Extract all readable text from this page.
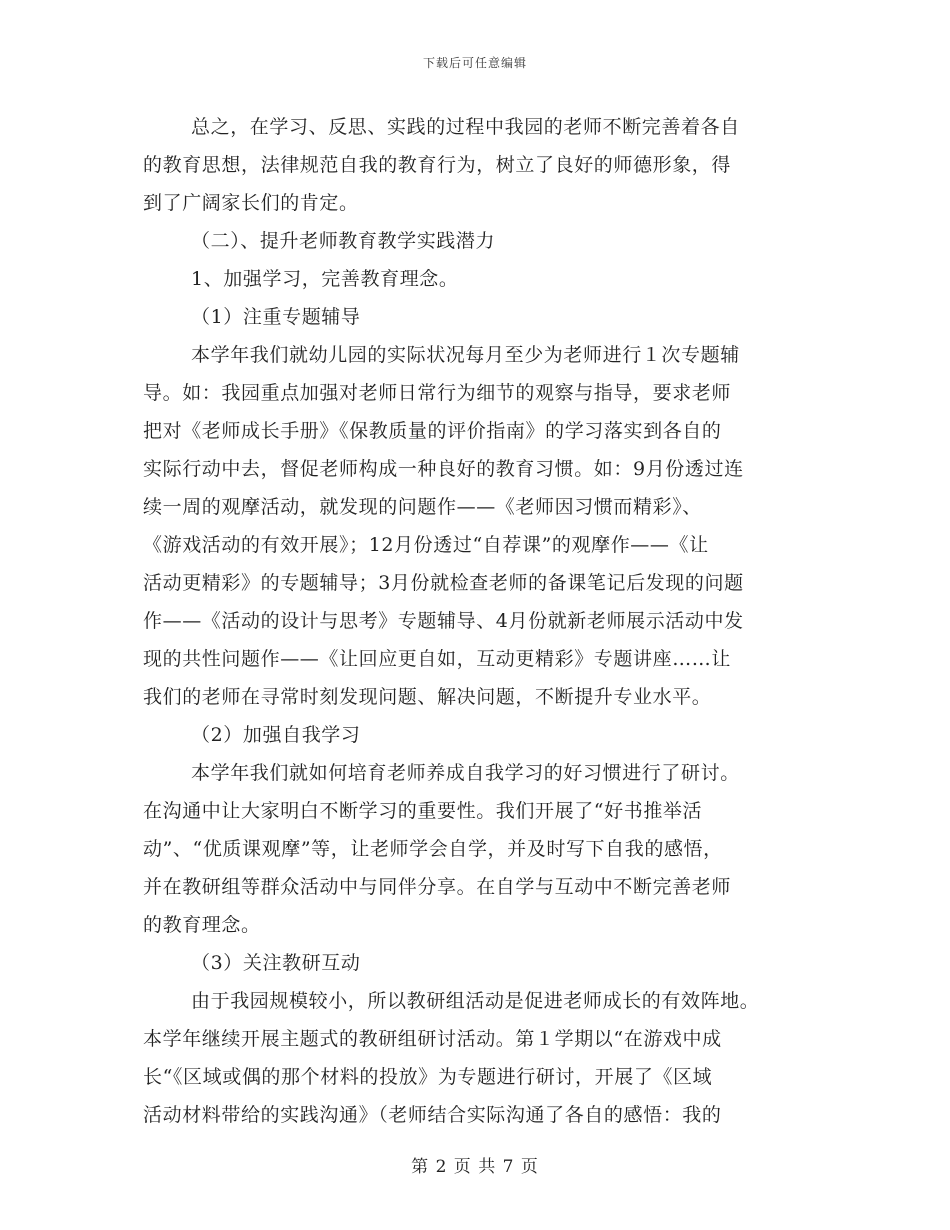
下载后可任意编辑
总之，在学习、反思、实践的过程中我园的老师不断完善着各自
的教育思想，法律规范自我的教育行为，树立了良好的师德形象，得
到了广阔家长们的肯定。
（二）、提升老师教育教学实践潜力
1、加强学习，完善教育理念。
（1）注重专题辅导
本学年我们就幼儿园的实际状况每月至少为老师进行１次专题辅
导。如：我园重点加强对老师日常行为细节的观察与指导，要求老师
把对《老师成长手册》《保教质量的评价指南》的学习落实到各自的
实际行动中去，督促老师构成一种良好的教育习惯。如：9月份透过连
续一周的观摩活动，就发现的问题作——《老师因习惯而精彩》、
《游戏活动的有效开展》；12月份透过“自荐课”的观摩作——《让
活动更精彩》的专题辅导；3月份就检查老师的备课笔记后发现的问题
作——《活动的设计与思考》专题辅导、4月份就新老师展示活动中发
现的共性问题作——《让回应更自如，互动更精彩》专题讲座……让
我们的老师在寻常时刻发现问题、解决问题，不断提升专业水平。
（2）加强自我学习
本学年我们就如何培育老师养成自我学习的好习惯进行了研讨。
在沟通中让大家明白不断学习的重要性。我们开展了“好书推举活
动”、“优质课观摩”等，让老师学会自学，并及时写下自我的感悟，
并在教研组等群众活动中与同伴分享。在自学与互动中不断完善老师
的教育理念。
（3）关注教研互动
由于我园规模较小，所以教研组活动是促进老师成长的有效阵地。
本学年继续开展主题式的教研组研讨活动。第１学期以“在游戏中成
长“《区域或偶的那个材料的投放》为专题进行研讨，开展了《区域
活动材料带给的实践沟通》（老师结合实际沟通了各自的感悟：我的
第 2 页 共 7 页
